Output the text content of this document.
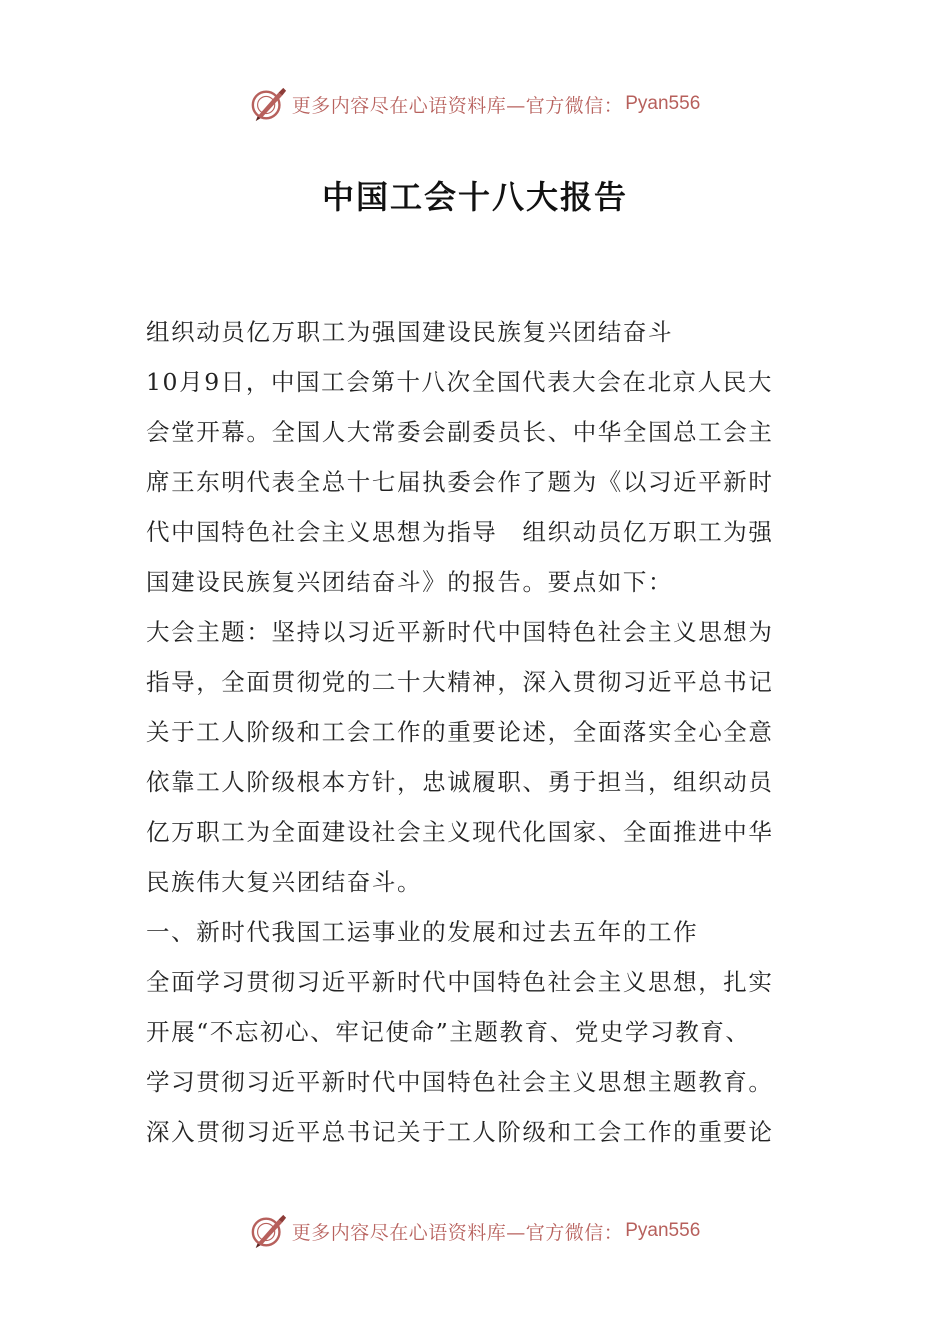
更多内容尽在心语资料库—官方微信： Pyan556
中国工会十八大报告
组织动员亿万职工为强国建设民族复兴团结奋斗
10月9日，中国工会第十八次全国代表大会在北京人民大
会堂开幕。全国人大常委会副委员长、中华全国总工会主
席王东明代表全总十七届执委会作了题为《以习近平新时
代中国特色社会主义思想为指导　组织动员亿万职工为强
国建设民族复兴团结奋斗》的报告。要点如下：
大会主题：坚持以习近平新时代中国特色社会主义思想为
指导，全面贯彻党的二十大精神，深入贯彻习近平总书记
关于工人阶级和工会工作的重要论述，全面落实全心全意
依靠工人阶级根本方针，忠诚履职、勇于担当，组织动员
亿万职工为全面建设社会主义现代化国家、全面推进中华
民族伟大复兴团结奋斗。
一、新时代我国工运事业的发展和过去五年的工作
全面学习贯彻习近平新时代中国特色社会主义思想，扎实
开展“不忘初心、牢记使命”主题教育、党史学习教育、
学习贯彻习近平新时代中国特色社会主义思想主题教育。
深入贯彻习近平总书记关于工人阶级和工会工作的重要论
更多内容尽在心语资料库—官方微信： Pyan556
